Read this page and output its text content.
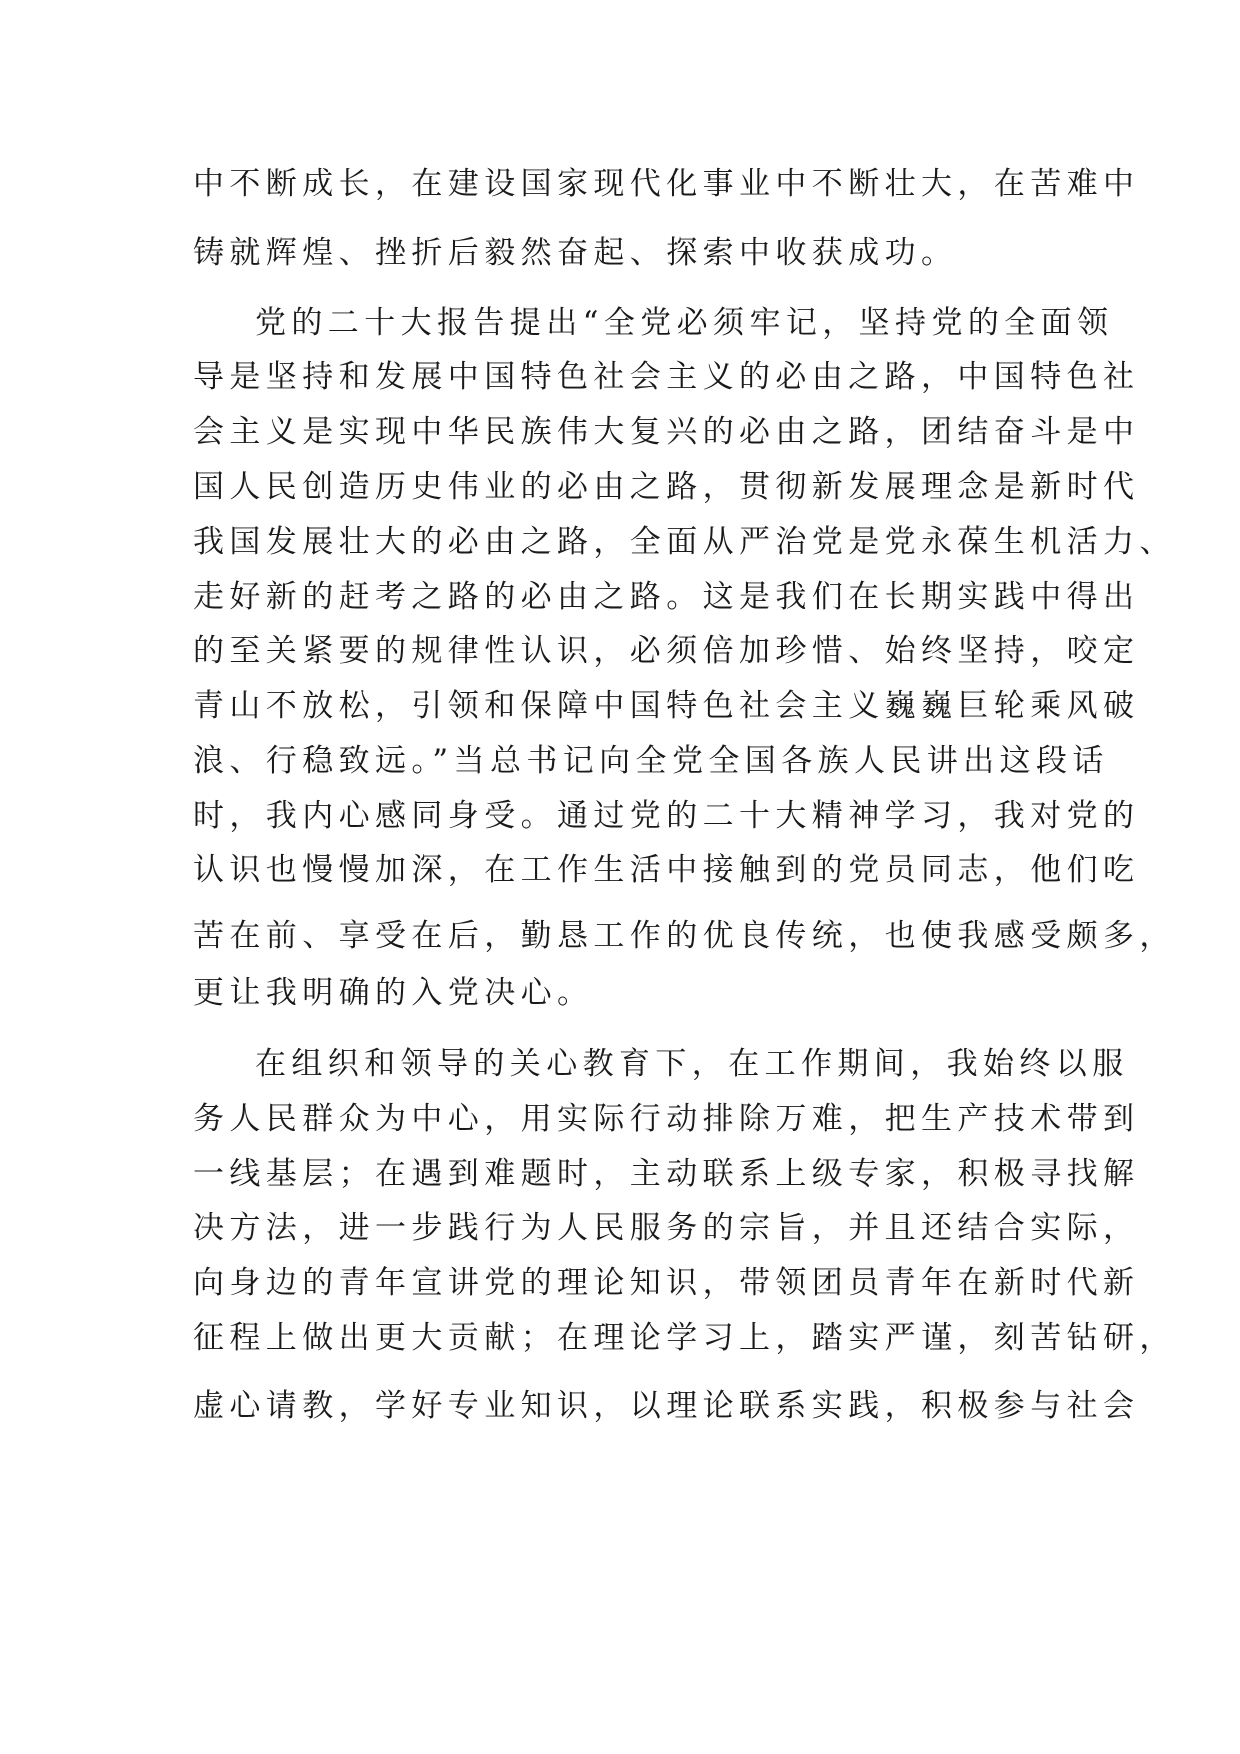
中不断成长，在建设国家现代化事业中不断壮大，在苦难中
铸就辉煌、挫折后毅然奋起、探索中收获成功。
党的二十大报告提出“全党必须牢记，坚持党的全面领
导是坚持和发展中国特色社会主义的必由之路，中国特色社
会主义是实现中华民族伟大复兴的必由之路，团结奋斗是中
国人民创造历史伟业的必由之路，贯彻新发展理念是新时代
我国发展壮大的必由之路，全面从严治党是党永葆生机活力、
走好新的赶考之路的必由之路。这是我们在长期实践中得出
的至关紧要的规律性认识，必须倍加珍惜、始终坚持，咬定
青山不放松，引领和保障中国特色社会主义巍巍巨轮乘风破
浪、行稳致远。”当总书记向全党全国各族人民讲出这段话
时，我内心感同身受。通过党的二十大精神学习，我对党的
认识也慢慢加深，在工作生活中接触到的党员同志，他们吃
苦在前、享受在后，勤恳工作的优良传统，也使我感受颇多，
更让我明确的入党决心。
在组织和领导的关心教育下，在工作期间，我始终以服
务人民群众为中心，用实际行动排除万难，把生产技术带到
一线基层；在遇到难题时，主动联系上级专家，积极寻找解
决方法，进一步践行为人民服务的宗旨，并且还结合实际，
向身边的青年宣讲党的理论知识，带领团员青年在新时代新
征程上做出更大贡献；在理论学习上，踏实严谨，刻苦钻研，
虚心请教，学好专业知识，以理论联系实践，积极参与社会
